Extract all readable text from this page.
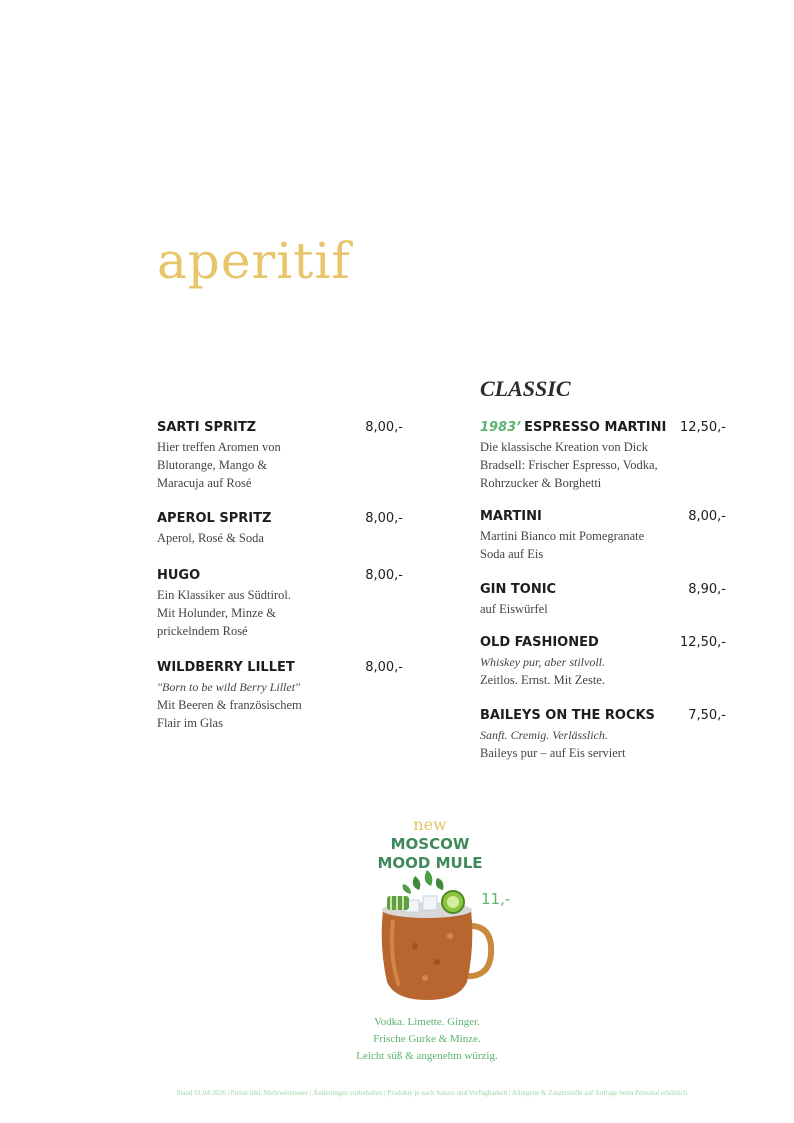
aperitif
CLASSIC
SARTI SPRITZ	8,00,-
Hier treffen Aromen von
Blutorange, Mango &
Maracuja auf Rosé
APEROL SPRITZ	8,00,-
Aperol, Rosé & Soda
HUGO	8,00,-
Ein Klassiker aus Südtirol.
Mit Holunder, Minze &
prickelndem Rosé
WILDBERRY LILLET	8,00,-
"Born to be wild Berry Lillet"
Mit Beeren & französischem
Flair im Glas
1983’ ESPRESSO MARTINI 12,50,-
Die klassische Kreation von Dick
Bradsell: Frischer Espresso, Vodka,
Rohrzucker & Borghetti
MARTINI	8,00,-
Martini Bianco mit Pomegranate
Soda auf Eis
GIN TONIC	8,90,-
auf Eiswürfel
OLD FASHIONED	12,50,-
Whiskey pur, aber stilvoll.
Zeitlos. Ernst. Mit Zeste.
BAILEYS ON THE ROCKS	7,50,-
Sanft. Cremig. Verlässlich.
Baileys pur – auf Eis serviert
new
MOSCOW
MOOD MULE
11,-
Vodka. Limette. Ginger.
Frische Gurke & Minze.
Leicht süß & angenehm würzig.
Stand 01.04.2026 | Preise inkl. Mehrwertsteuer | Änderungen vorbehalten | Produkte je nach Saison und Verfügbarkeit | Allergene & Zusatzstoffe auf Anfrage beim Personal erhältlich
